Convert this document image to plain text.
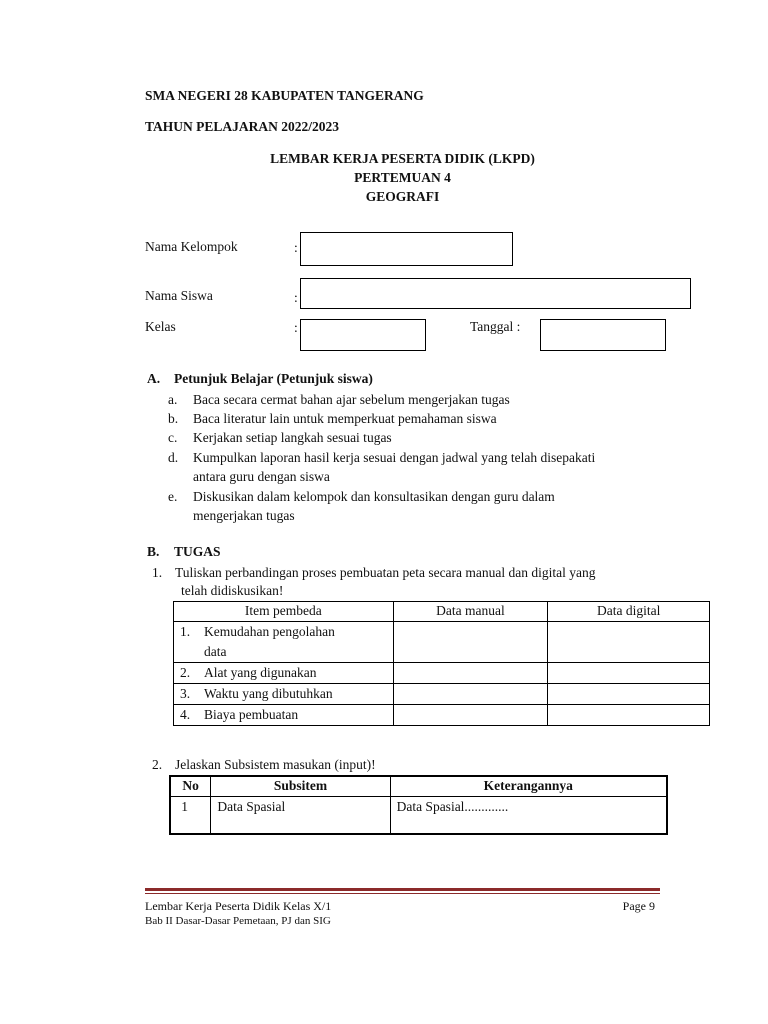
SMA NEGERI 28 KABUPATEN TANGERANG
TAHUN PELAJARAN 2022/2023
LEMBAR KERJA PESERTA DIDIK (LKPD)
PERTEMUAN 4
GEOGRAFI
Nama Kelompok	:
Nama Siswa	:
Kelas	:	Tanggal :
A. Petunjuk Belajar (Petunjuk siswa)
a.	Baca secara cermat bahan ajar sebelum mengerjakan tugas
b.	Baca literatur lain untuk memperkuat pemahaman siswa
c.	Kerjakan setiap langkah sesuai tugas
d.	Kumpulkan laporan hasil kerja sesuai dengan jadwal yang telah disepakati
antara guru dengan siswa
e.	Diskusikan dalam kelompok dan konsultasikan dengan guru dalam
mengerjakan tugas
B. TUGAS
1. Tuliskan perbandingan proses pembuatan peta secara manual dan digital yang
telah didiskusikan!
Item pembeda	Data manual	Data digital
1. Kemudahan pengolahan
data		
2. Alat yang digunakan		
3. Waktu yang dibutuhkan		
4. Biaya pembuatan		
2. Jelaskan Subsistem masukan (input)!
No	Subsitem	Keterangannya
1	Data Spasial	Data Spasial.............
Lembar Kerja Peserta Didik Kelas X/1
Bab II Dasar-Dasar Pemetaan, PJ dan SIG
Page 9
